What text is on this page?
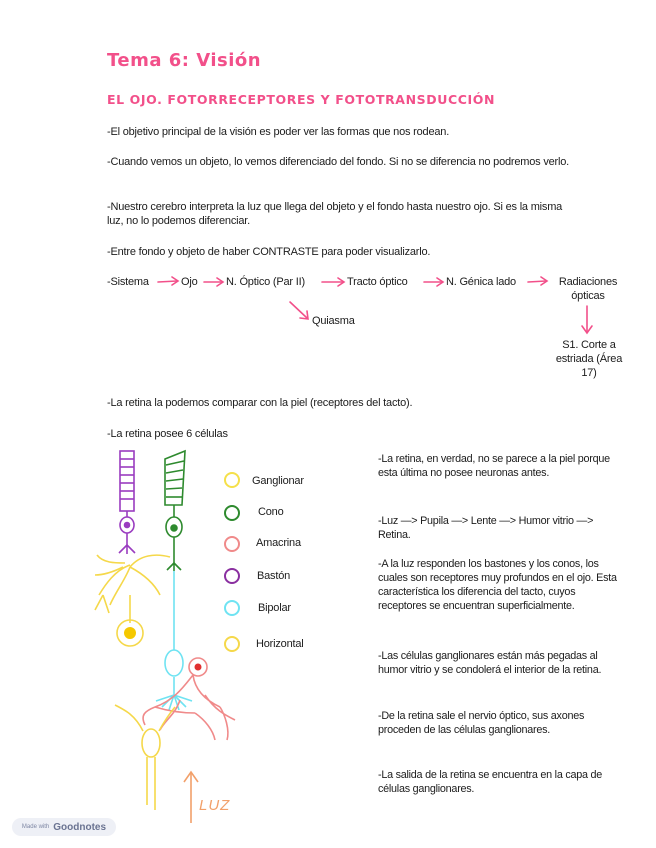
Tema 6: Visión
EL OJO. FOTORRECEPTORES Y FOTOTRANSDUCCIÓN
-El objetivo principal de la visión es poder ver las formas que nos rodean.
-Cuando vemos un objeto, lo vemos diferenciado del fondo. Si no se diferencia no podremos verlo.
-Nuestro cerebro interpreta la luz que llega del objeto y el fondo hasta nuestro ojo. Si es la misma luz, no lo podemos diferenciar.
-Entre fondo y objeto de haber CONTRASTE para poder visualizarlo.
-Sistema	Ojo	N. Óptico (Par II)	Tracto óptico	N. Génica lado	Radiaciones ópticas
Quiasma
S1. Corte a estriada (Área 17)
-La retina la podemos comparar con la piel (receptores del tacto).
-La retina posee 6 células
LUZ
Ganglionar
Cono
Amacrina
Bastón
Bipolar
Horizontal
-La retina, en verdad, no se parece a la piel porque esta última no posee neuronas antes.
-Luz —> Pupila —> Lente —> Humor vitrio —> Retina.
-A la luz responden los bastones y los conos, los cuales son receptores muy profundos en el ojo. Esta característica los diferencia del tacto, cuyos receptores se encuentran superficialmente.
-Las células ganglionares están más pegadas al humor vitrio y se condolerá el interior de la retina.
-De la retina sale el nervio óptico, sus axones proceden de las células ganglionares.
-La salida de la retina se encuentra en la capa de células ganglionares.
Made with Goodnotes
